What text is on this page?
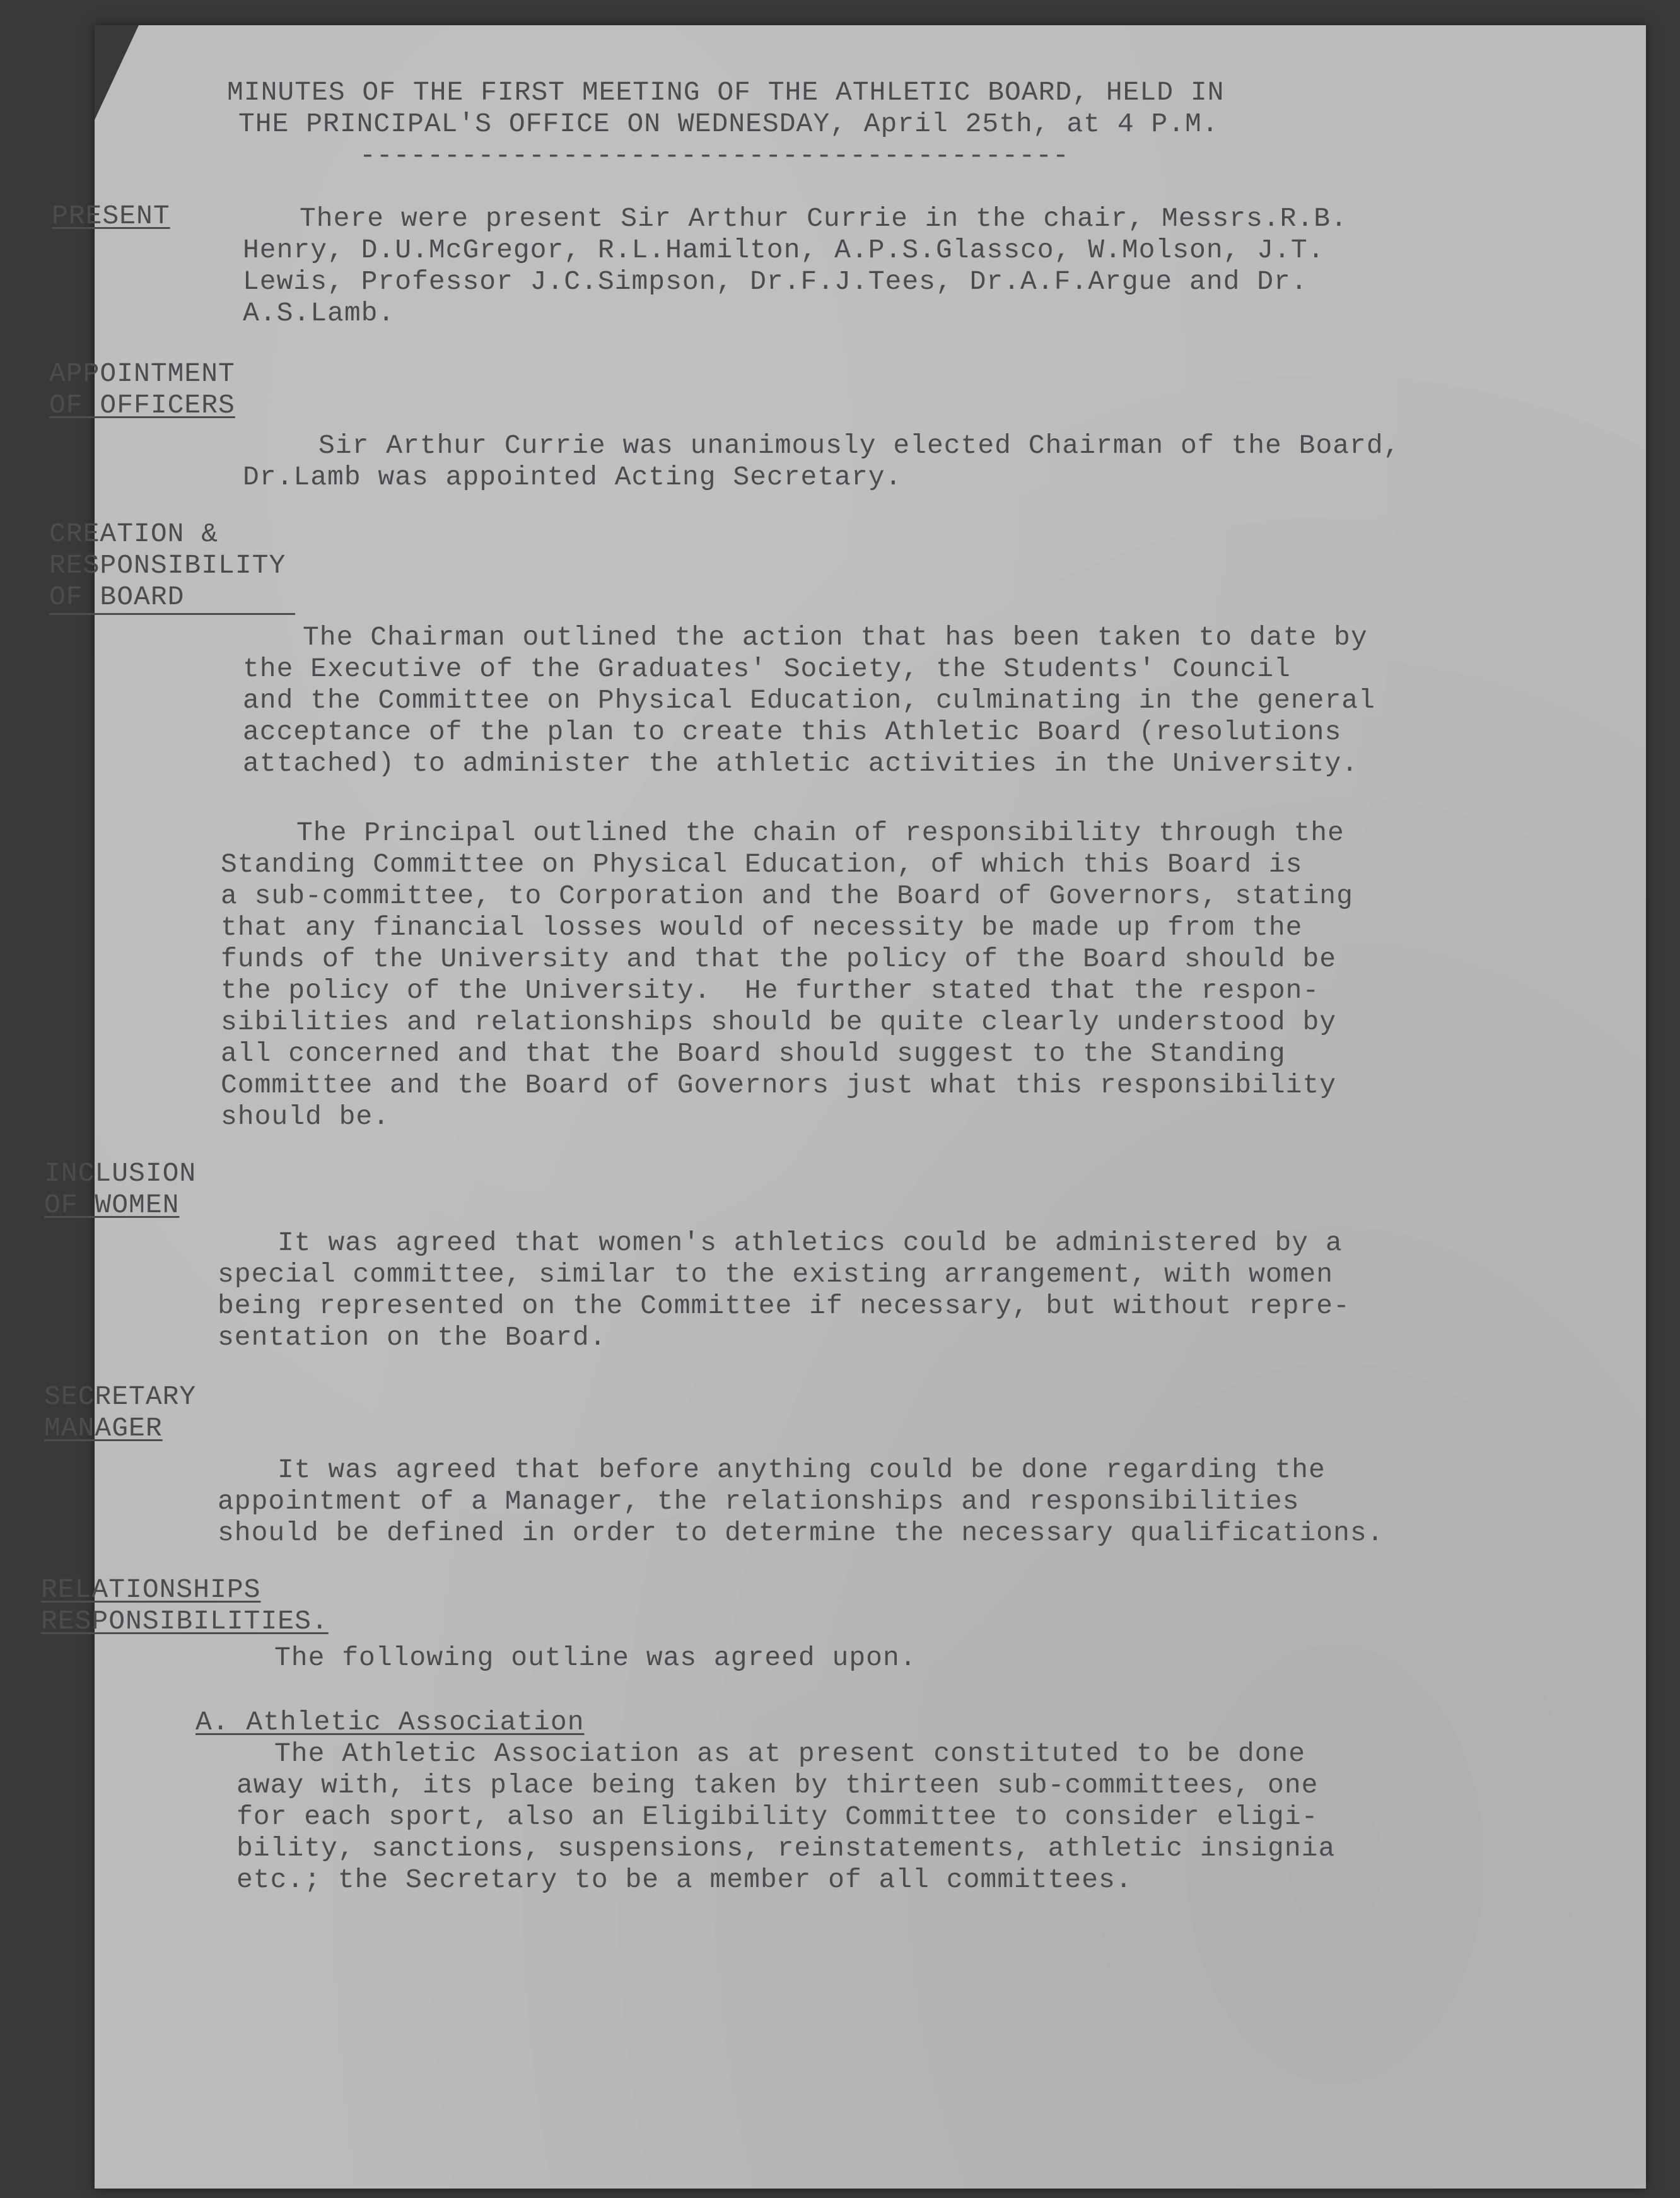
MINUTES OF THE FIRST MEETING OF THE ATHLETIC BOARD, HELD IN
THE PRINCIPAL'S OFFICE ON WEDNESDAY, April 25th, at 4 P.M.
------------------------------------------
PRESENT	There were present Sir Arthur Currie in the chair, Messrs.R.B.
Henry, D.U.McGregor, R.L.Hamilton, A.P.S.Glassco, W.Molson, J.T.
Lewis, Professor J.C.Simpson, Dr.F.J.Tees, Dr.A.F.Argue and Dr.
A.S.Lamb.
APPOINTMENT
OF OFFICERS
Sir Arthur Currie was unanimously elected Chairman of the Board,
Dr.Lamb was appointed Acting Secretary.
CREATION &
RESPONSIBILITY
OF BOARD
The Chairman outlined the action that has been taken to date by
the Executive of the Graduates' Society, the Students' Council
and the Committee on Physical Education, culminating in the general
acceptance of the plan to create this Athletic Board (resolutions
attached) to administer the athletic activities in the University.
The Principal outlined the chain of responsibility through the
Standing Committee on Physical Education, of which this Board is
a sub-committee, to Corporation and the Board of Governors, stating
that any financial losses would of necessity be made up from the
funds of the University and that the policy of the Board should be
the policy of the University.  He further stated that the respon-
sibilities and relationships should be quite clearly understood by
all concerned and that the Board should suggest to the Standing
Committee and the Board of Governors just what this responsibility
should be.
INCLUSION
OF WOMEN
It was agreed that women's athletics could be administered by a
special committee, similar to the existing arrangement, with women
being represented on the Committee if necessary, but without repre-
sentation on the Board.
SECRETARY
MANAGER
It was agreed that before anything could be done regarding the
appointment of a Manager, the relationships and responsibilities
should be defined in order to determine the necessary qualifications.
RELATIONSHIPS
RESPONSIBILITIES.
The following outline was agreed upon.
A. Athletic Association
The Athletic Association as at present constituted to be done
away with, its place being taken by thirteen sub-committees, one
for each sport, also an Eligibility Committee to consider eligi-
bility, sanctions, suspensions, reinstatements, athletic insignia
etc.; the Secretary to be a member of all committees.
